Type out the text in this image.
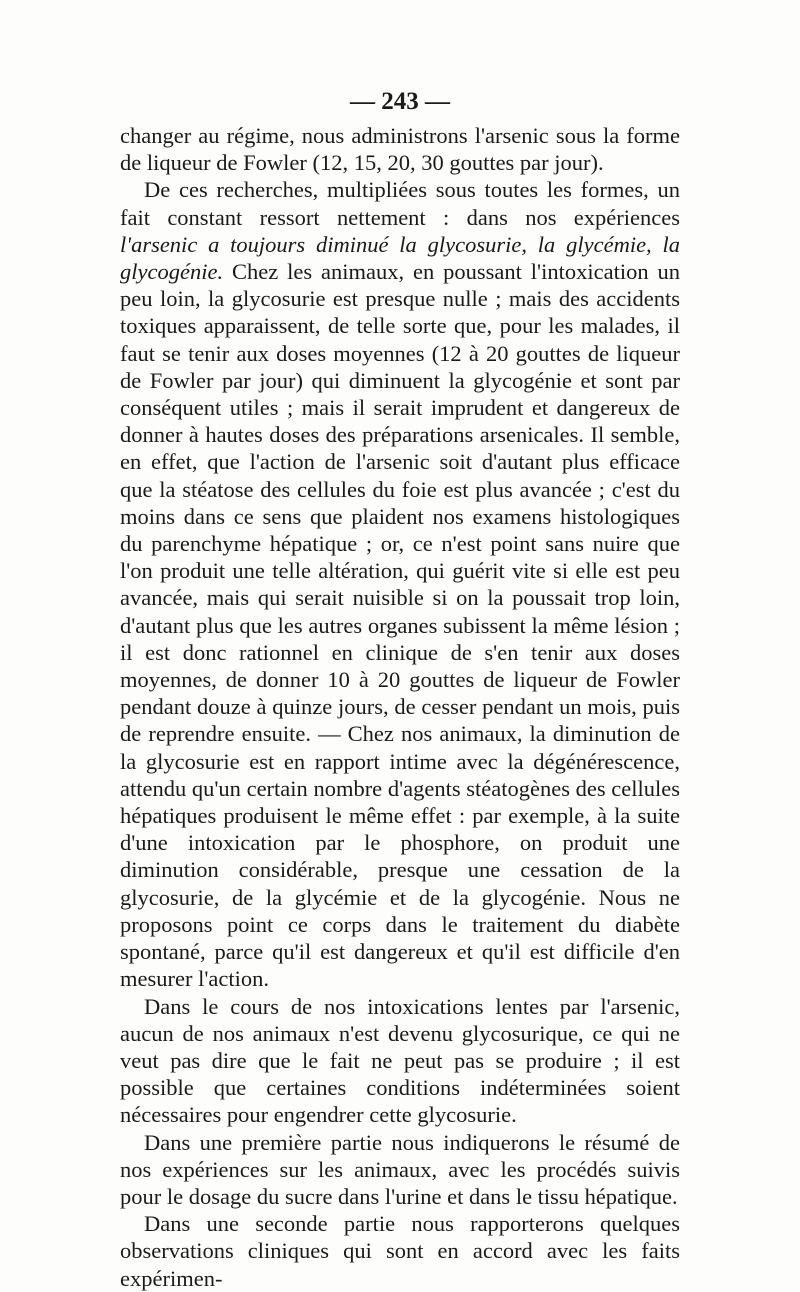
— 243 —

changer au régime, nous administrons l'arsenic sous la forme de liqueur de Fowler (12, 15, 20, 30 gouttes par jour).

De ces recherches, multipliées sous toutes les formes, un fait constant ressort nettement : dans nos expériences l'arsenic a toujours diminué la glycosurie, la glycémie, la glycogénie. Chez les animaux, en poussant l'intoxication un peu loin, la glycosurie est presque nulle ; mais des accidents toxiques apparaissent, de telle sorte que, pour les malades, il faut se tenir aux doses moyennes (12 à 20 gouttes de liqueur de Fowler par jour) qui diminuent la glycogénie et sont par conséquent utiles ; mais il serait imprudent et dangereux de donner à hautes doses des préparations arsenicales. Il semble, en effet, que l'action de l'arsenic soit d'autant plus efficace que la stéatose des cellules du foie est plus avancée ; c'est du moins dans ce sens que plaident nos examens histologiques du parenchyme hépatique ; or, ce n'est point sans nuire que l'on produit une telle altération, qui guérit vite si elle est peu avancée, mais qui serait nuisible si on la poussait trop loin, d'autant plus que les autres organes subissent la même lésion ; il est donc rationnel en clinique de s'en tenir aux doses moyennes, de donner 10 à 20 gouttes de liqueur de Fowler pendant douze à quinze jours, de cesser pendant un mois, puis de reprendre ensuite. — Chez nos animaux, la diminution de la glycosurie est en rapport intime avec la dégénérescence, attendu qu'un certain nombre d'agents stéatogènes des cellules hépatiques produisent le même effet : par exemple, à la suite d'une intoxication par le phosphore, on produit une diminution considérable, presque une cessation de la glycosurie, de la glycémie et de la glycogénie. Nous ne proposons point ce corps dans le traitement du diabète spontané, parce qu'il est dangereux et qu'il est difficile d'en mesurer l'action.

Dans le cours de nos intoxications lentes par l'arsenic, aucun de nos animaux n'est devenu glycosurique, ce qui ne veut pas dire que le fait ne peut pas se produire ; il est possible que certaines conditions indéterminées soient nécessaires pour engendrer cette glycosurie.

Dans une première partie nous indiquerons le résumé de nos expériences sur les animaux, avec les procédés suivis pour le dosage du sucre dans l'urine et dans le tissu hépatique.

Dans une seconde partie nous rapporterons quelques observations cliniques qui sont en accord avec les faits expérimen-
